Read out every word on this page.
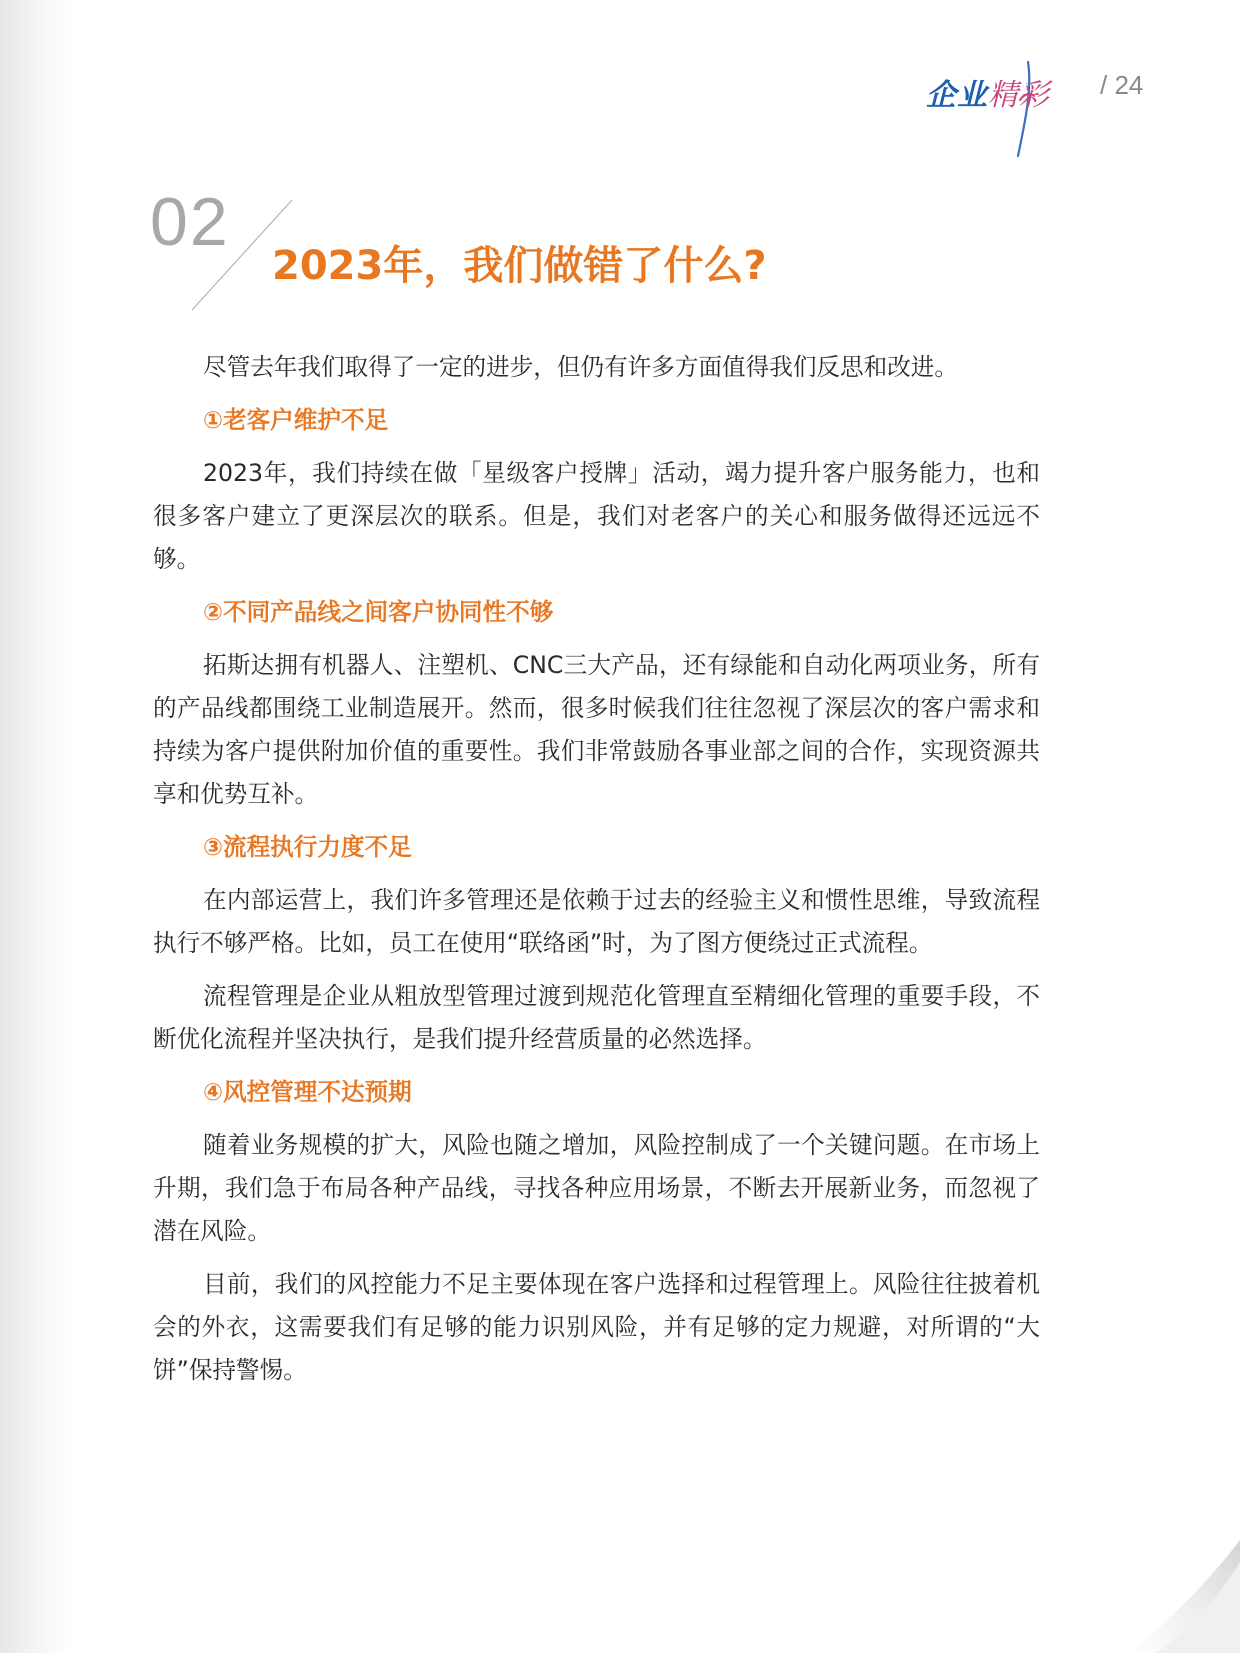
企业精彩 / 24
02
2023年，我们做错了什么?

尽管去年我们取得了一定的进步，但仍有许多方面值得我们反思和改进。

①老客户维护不足

2023年，我们持续在做「星级客户授牌」活动，竭力提升客户服务能力，也和很多客户建立了更深层次的联系。但是，我们对老客户的关心和服务做得还远远不够。

②不同产品线之间客户协同性不够

拓斯达拥有机器人、注塑机、CNC三大产品，还有绿能和自动化两项业务，所有的产品线都围绕工业制造展开。然而，很多时候我们往往忽视了深层次的客户需求和持续为客户提供附加价值的重要性。我们非常鼓励各事业部之间的合作，实现资源共享和优势互补。

③流程执行力度不足

在内部运营上，我们许多管理还是依赖于过去的经验主义和惯性思维，导致流程执行不够严格。比如，员工在使用“联络函”时，为了图方便绕过正式流程。

流程管理是企业从粗放型管理过渡到规范化管理直至精细化管理的重要手段，不断优化流程并坚决执行，是我们提升经营质量的必然选择。

④风控管理不达预期

随着业务规模的扩大，风险也随之增加，风险控制成了一个关键问题。在市场上升期，我们急于布局各种产品线，寻找各种应用场景，不断去开展新业务，而忽视了潜在风险。

目前，我们的风控能力不足主要体现在客户选择和过程管理上。风险往往披着机会的外衣，这需要我们有足够的能力识别风险，并有足够的定力规避，对所谓的“大饼”保持警惕。
